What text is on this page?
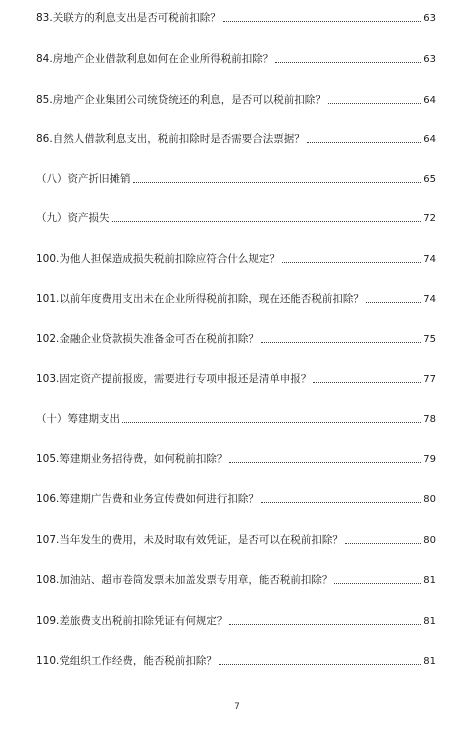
83.关联方的利息支出是否可税前扣除？	63
84.房地产企业借款利息如何在企业所得税前扣除？	63
85.房地产企业集团公司统贷统还的利息，是否可以税前扣除？	64
86.自然人借款利息支出，税前扣除时是否需要合法票据？	64
（八）资产折旧摊销	65
（九）资产损失	72
100.为他人担保造成损失税前扣除应符合什么规定？	74
101.以前年度费用支出未在企业所得税前扣除，现在还能否税前扣除？	74
102.金融企业贷款损失准备金可否在税前扣除？	75
103.固定资产提前报废，需要进行专项申报还是清单申报？	77
（十）筹建期支出	78
105.筹建期业务招待费，如何税前扣除？	79
106.筹建期广告费和业务宣传费如何进行扣除？	80
107.当年发生的费用，未及时取有效凭证，是否可以在税前扣除？	80
108.加油站、超市卷筒发票未加盖发票专用章，能否税前扣除？	81
109.差旅费支出税前扣除凭证有何规定？	81
110.党组织工作经费，能否税前扣除？	81
7
